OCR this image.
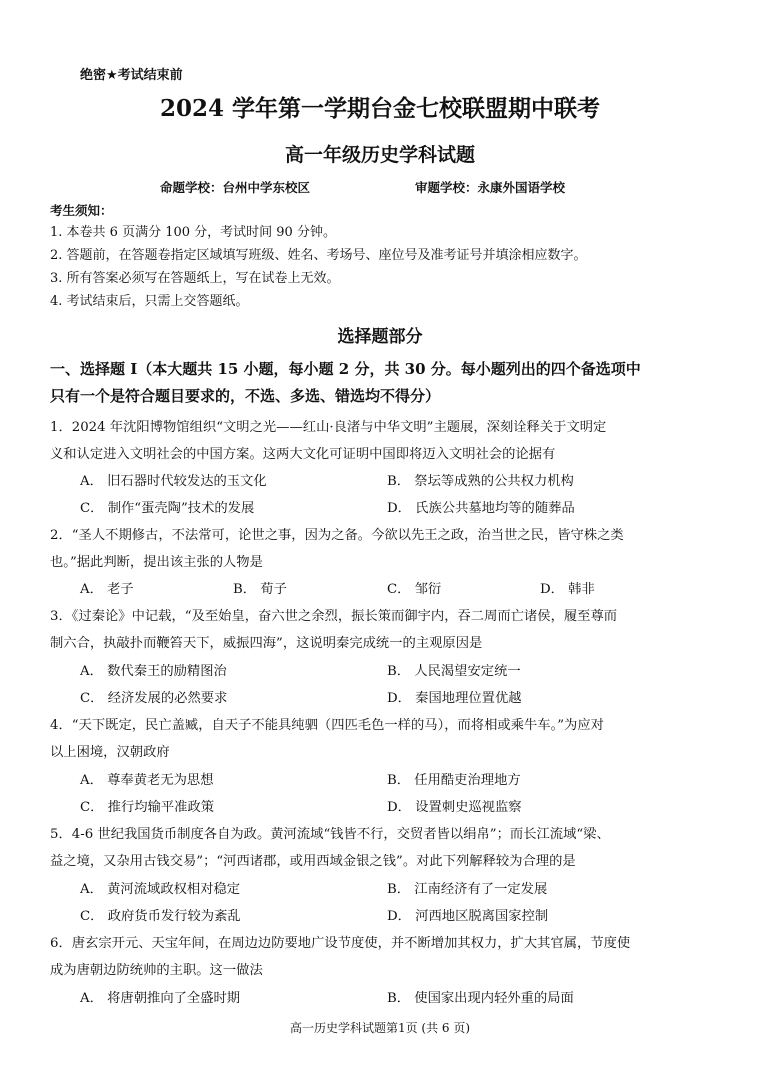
绝密★考试结束前
2024 学年第一学期台金七校联盟期中联考
高一年级历史学科试题
命题学校：台州中学东校区	审题学校：永康外国语学校
考生须知：
1. 本卷共 6 页满分 100 分，考试时间 90 分钟。
2. 答题前，在答题卷指定区域填写班级、姓名、考场号、座位号及准考证号并填涂相应数字。
3. 所有答案必须写在答题纸上，写在试卷上无效。
4. 考试结束后，只需上交答题纸。
选择题部分
一、选择题 I（本大题共 15 小题，每小题 2 分，共 30 分。每小题列出的四个备选项中
只有一个是符合题目要求的，不选、多选、错选均不得分）
1．2024 年沈阳博物馆组织“文明之光——红山·良渚与中华文明”主题展，深刻诠释关于文明定
义和认定进入文明社会的中国方案。这两大文化可证明中国即将迈入文明社会的论据有
A． 旧石器时代较发达的玉文化	B． 祭坛等成熟的公共权力机构
C． 制作“蛋壳陶”技术的发展	D． 氏族公共墓地均等的随葬品
2．“圣人不期修古，不法常可，论世之事，因为之备。今欲以先王之政，治当世之民，皆守株之类
也。”据此判断，提出该主张的人物是
A． 老子	B． 荀子	C． 邹衍	D． 韩非
3．《过秦论》中记载，“及至始皇，奋六世之余烈，振长策而御宇内，吞二周而亡诸侯，履至尊而
制六合，执敲扑而鞭笞天下，威振四海”，这说明秦完成统一的主观原因是
A． 数代秦王的励精图治	B． 人民渴望安定统一
C． 经济发展的必然要求	D． 秦国地理位置优越
4．“天下既定，民亡盖臧，自天子不能具纯驷（四匹毛色一样的马），而将相或乘牛车。”为应对
以上困境，汉朝政府
A． 尊奉黄老无为思想	B． 任用酷吏治理地方
C． 推行均输平准政策	D． 设置刺史巡视监察
5．4-6 世纪我国货币制度各自为政。黄河流域“钱皆不行，交贸者皆以绢帛”；而长江流域“梁、
益之境，又杂用古钱交易”；“河西诸郡，或用西域金银之钱”。对此下列解释较为合理的是
A． 黄河流域政权相对稳定	B． 江南经济有了一定发展
C． 政府货币发行较为紊乱	D． 河西地区脱离国家控制
6．唐玄宗开元、天宝年间，在周边边防要地广设节度使，并不断增加其权力，扩大其官属，节度使
成为唐朝边防统帅的主职。这一做法
A． 将唐朝推向了全盛时期	B． 使国家出现内轻外重的局面
高一历史学科试题第1页 (共 6 页)
